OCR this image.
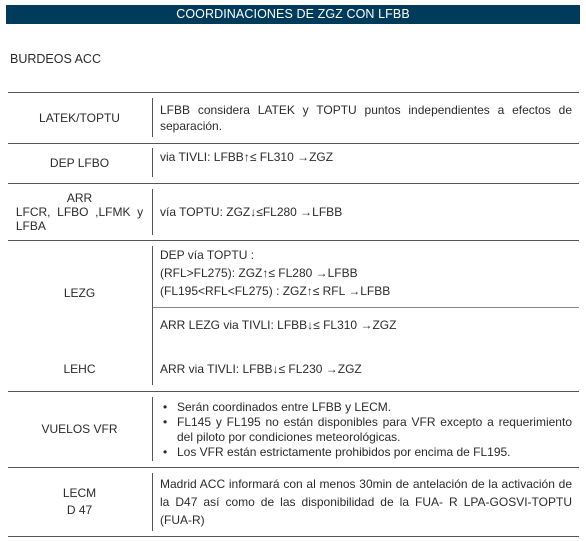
COORDINACIONES DE ZGZ CON LFBB
BURDEOS ACC
LATEK/TOPTU
LFBB considera LATEK y TOPTU puntos independientes a efectos de separación.
DEP LFBO	via TIVLI: LFBB↑≤ FL310 →ZGZ
ARR
LFCR,  LFBO  ,LFMK  y
LFBA
vía TOPTU: ZGZ↓≤FL280 →LFBB
LEZG
DEP vía TOPTU :
(RFL>FL275): ZGZ↑≤ FL280 →LFBB
(FL195<RFL<FL275) : ZGZ↑≤ RFL →LFBB
ARR LEZG via TIVLI: LFBB↓≤ FL310 →ZGZ
LEHC	ARR via TIVLI: LFBB↓≤ FL230 →ZGZ
VUELOS VFR
• Serán coordinados entre LFBB y LECM.
• FL145 y FL195 no están disponibles para VFR excepto a requerimiento del piloto por condiciones meteorológicas.
• Los VFR están estrictamente prohibidos por encima de FL195.
LECM
D 47
Madrid ACC informará con al menos 30min de antelación de la activación de la D47 así como de las disponibilidad de la FUA- R LPA-GOSVI-TOPTU (FUA-R)
